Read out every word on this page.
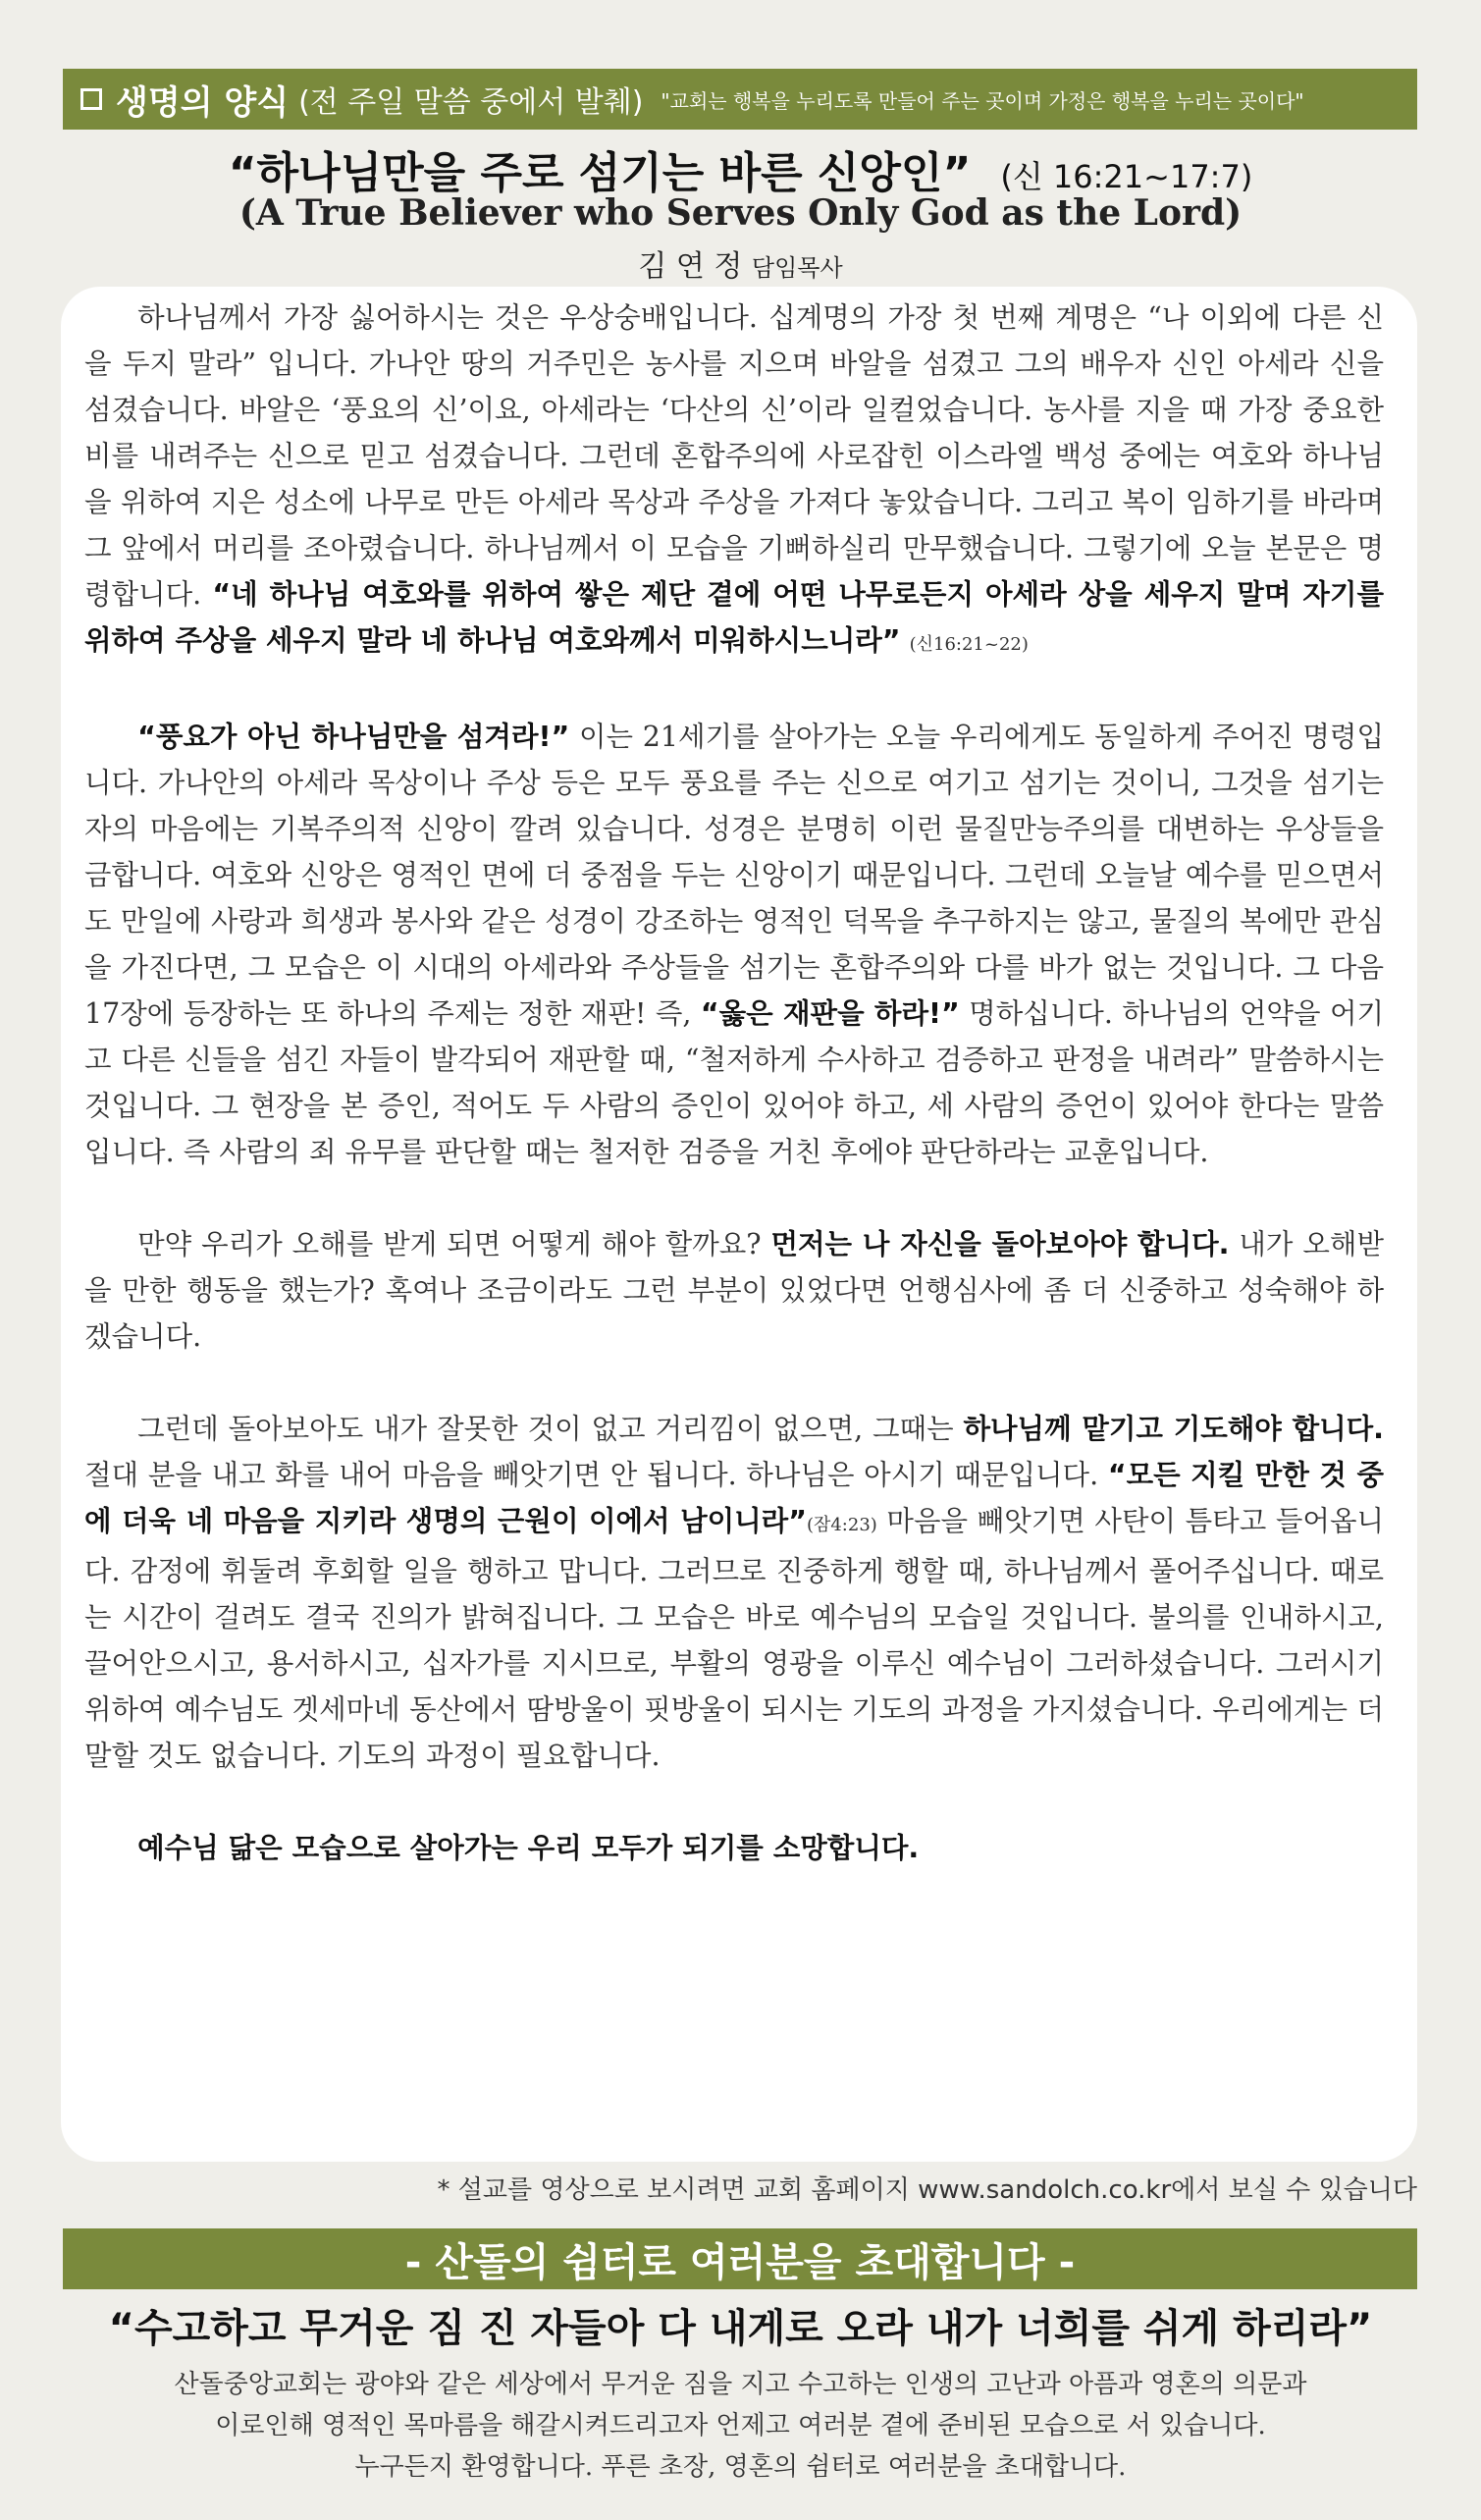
생명의 양식 (전 주일 말씀 중에서 발췌) "교회는 행복을 누리도록 만들어 주는 곳이며 가정은 행복을 누리는 곳이다"
“하나님만을 주로 섬기는 바른 신앙인” (신 16:21~17:7)
(A True Believer who Serves Only God as the Lord)
김 연 정 담임목사

하나님께서 가장 싫어하시는 것은 우상숭배입니다. 십계명의 가장 첫 번째 계명은 “나 이외에 다른 신을 두지 말라” 입니다. 가나안 땅의 거주민은 농사를 지으며 바알을 섬겼고 그의 배우자 신인 아세라 신을 섬겼습니다. 바알은 ‘풍요의 신’이요, 아세라는 ‘다산의 신’이라 일컬었습니다. 농사를 지을 때 가장 중요한 비를 내려주는 신으로 믿고 섬겼습니다. 그런데 혼합주의에 사로잡힌 이스라엘 백성 중에는 여호와 하나님을 위하여 지은 성소에 나무로 만든 아세라 목상과 주상을 가져다 놓았습니다. 그리고 복이 임하기를 바라며 그 앞에서 머리를 조아렸습니다. 하나님께서 이 모습을 기뻐하실리 만무했습니다. 그렇기에 오늘 본문은 명령합니다. “네 하나님 여호와를 위하여 쌓은 제단 곁에 어떤 나무로든지 아세라 상을 세우지 말며 자기를 위하여 주상을 세우지 말라 네 하나님 여호와께서 미워하시느니라” (신16:21~22)

“풍요가 아닌 하나님만을 섬겨라!” 이는 21세기를 살아가는 오늘 우리에게도 동일하게 주어진 명령입니다. 가나안의 아세라 목상이나 주상 등은 모두 풍요를 주는 신으로 여기고 섬기는 것이니, 그것을 섬기는 자의 마음에는 기복주의적 신앙이 깔려 있습니다. 성경은 분명히 이런 물질만능주의를 대변하는 우상들을 금합니다. 여호와 신앙은 영적인 면에 더 중점을 두는 신앙이기 때문입니다. 그런데 오늘날 예수를 믿으면서도 만일에 사랑과 희생과 봉사와 같은 성경이 강조하는 영적인 덕목을 추구하지는 않고, 물질의 복에만 관심을 가진다면, 그 모습은 이 시대의 아세라와 주상들을 섬기는 혼합주의와 다를 바가 없는 것입니다. 그 다음 17장에 등장하는 또 하나의 주제는 정한 재판! 즉, “옳은 재판을 하라!” 명하십니다. 하나님의 언약을 어기고 다른 신들을 섬긴 자들이 발각되어 재판할 때, “철저하게 수사하고 검증하고 판정을 내려라” 말씀하시는 것입니다. 그 현장을 본 증인, 적어도 두 사람의 증인이 있어야 하고, 세 사람의 증언이 있어야 한다는 말씀입니다. 즉 사람의 죄 유무를 판단할 때는 철저한 검증을 거친 후에야 판단하라는 교훈입니다.

만약 우리가 오해를 받게 되면 어떻게 해야 할까요? 먼저는 나 자신을 돌아보아야 합니다. 내가 오해받을 만한 행동을 했는가? 혹여나 조금이라도 그런 부분이 있었다면 언행심사에 좀 더 신중하고 성숙해야 하겠습니다.

그런데 돌아보아도 내가 잘못한 것이 없고 거리낌이 없으면, 그때는 하나님께 맡기고 기도해야 합니다. 절대 분을 내고 화를 내어 마음을 빼앗기면 안 됩니다. 하나님은 아시기 때문입니다. “모든 지킬 만한 것 중에 더욱 네 마음을 지키라 생명의 근원이 이에서 남이니라”(잠4:23) 마음을 빼앗기면 사탄이 틈타고 들어옵니다. 감정에 휘둘려 후회할 일을 행하고 맙니다. 그러므로 진중하게 행할 때, 하나님께서 풀어주십니다. 때로는 시간이 걸려도 결국 진의가 밝혀집니다. 그 모습은 바로 예수님의 모습일 것입니다. 불의를 인내하시고, 끌어안으시고, 용서하시고, 십자가를 지시므로, 부활의 영광을 이루신 예수님이 그러하셨습니다. 그러시기 위하여 예수님도 겟세마네 동산에서 땀방울이 핏방울이 되시는 기도의 과정을 가지셨습니다. 우리에게는 더 말할 것도 없습니다. 기도의 과정이 필요합니다.

예수님 닮은 모습으로 살아가는 우리 모두가 되기를 소망합니다.

* 설교를 영상으로 보시려면 교회 홈페이지 www.sandolch.co.kr에서 보실 수 있습니다
- 산돌의 쉼터로 여러분을 초대합니다 -
“수고하고 무거운 짐 진 자들아 다 내게로 오라 내가 너희를 쉬게 하리라”
산돌중앙교회는 광야와 같은 세상에서 무거운 짐을 지고 수고하는 인생의 고난과 아픔과 영혼의 의문과
이로인해 영적인 목마름을 해갈시켜드리고자 언제고 여러분 곁에 준비된 모습으로 서 있습니다.
누구든지 환영합니다. 푸른 초장, 영혼의 쉼터로 여러분을 초대합니다.
